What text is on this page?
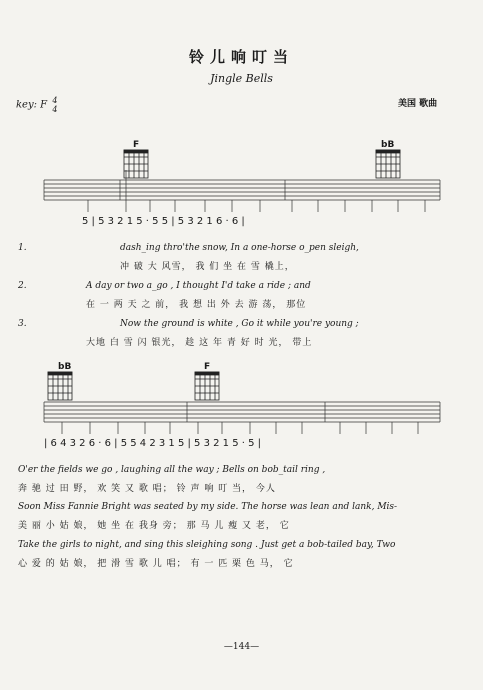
铃儿响叮当
Jingle Bells
key: F 4
4
美国 歌曲
F	bB
bB	F
5 | 5 3 2 1 5 · 5 5 | 5 3 2 1 6 · 6 |
| 6 4 3 2 6 · 6 | 5 5 4 2 3 1 5 | 5 3 2 1 5 · 5 |
1.	dash_ing thro'the snow, In a one-horse o_pen sleigh,
冲 破 大 风雪， 我 们 坐 在 雪 橇上，
2.	A day or two a_go , I thought I'd take a ride ; and
在 一 两 天 之 前， 我 想 出 外 去 游 荡， 那位
3.	Now the ground is white , Go it while you're young ;
大地 白 雪 闪 银光， 趁 这 年 青 好 时 光， 带上
O'er the fields we go , laughing all the way ; Bells on bob_tail ring ,
奔 驰 过 田 野， 欢 笑 又 歌 唱； 铃 声 响 叮 当， 今人
Soon Miss Fannie Bright was seated by my side. The horse was lean and lank, Mis-
美 丽 小 姑 娘， 她 坐 在 我身 旁； 那 马 儿 瘦 又 老， 它
Take the girls to night, and sing this sleighing song . Just get a bob-tailed bay, Two
心 爱 的 姑 娘， 把 滑 雪 歌 儿 唱； 有 一 匹 栗 色 马， 它
—144—
